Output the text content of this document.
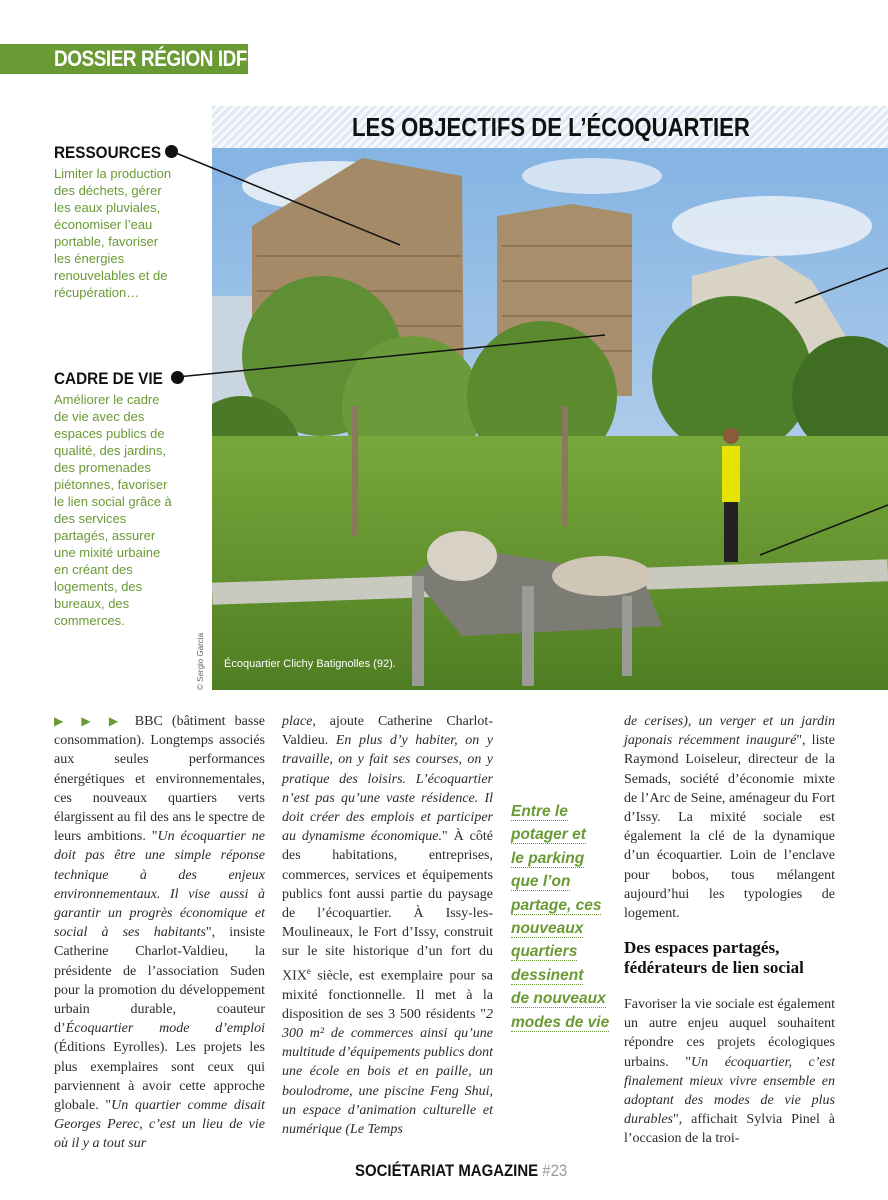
DOSSIER RÉGION IDF
LES OBJECTIFS DE L’ÉCOQUARTIER
Écoquartier Clichy Batignolles (92).
© Sergio Garcia
RESSOURCES
Limiter la production des déchets, gérer les eaux pluviales, économiser l’eau portable, favoriser les énergies renouvelables et de récupération…
CADRE DE VIE
Améliorer le cadre de vie avec des espaces publics de qualité, des jardins, des promenades piétonnes, favoriser le lien social grâce à des services partagés, assurer une mixité urbaine en créant des logements, des bureaux, des commerces.

▶ ▶ ▶ BBC (bâtiment basse consommation). Longtemps associés aux seules performances énergétiques et environnementales, ces nouveaux quartiers verts élargissent au fil des ans le spectre de leurs ambitions. "Un écoquartier ne doit pas être une simple réponse technique à des enjeux environnementaux. Il vise aussi à garantir un progrès économique et social à ses habitants", insiste Catherine Charlot-Valdieu, la présidente de l’association Suden pour la promotion du développement urbain durable, coauteur d’Écoquartier mode d’emploi (Éditions Eyrolles). Les projets les plus exemplaires sont ceux qui parviennent à avoir cette approche globale. "Un quartier comme disait Georges Perec, c’est un lieu de vie où il y a tout sur

place, ajoute Catherine Charlot-Valdieu. En plus d’y habiter, on y travaille, on y fait ses courses, on y pratique des loisirs. L’écoquartier n’est pas qu’une vaste résidence. Il doit créer des emplois et participer au dynamisme économique." À côté des habitations, entreprises, commerces, services et équipements publics font aussi partie du paysage de l’écoquartier. À Issy-les-Moulineaux, le Fort d’Issy, construit sur le site historique d’un fort du XIXe siècle, est exemplaire pour sa mixité fonctionnelle. Il met à la disposition de ses 3 500 résidents "2 300 m² de commerces ainsi qu’une multitude d’équipements publics dont une école en bois et en paille, un boulodrome, une piscine Feng Shui, un espace d’animation culturelle et numérique (Le Temps

Entre le
potager et
le parking
que l’on
partage, ces
nouveaux
quartiers
dessinent
de nouveaux
modes de vie

de cerises), un verger et un jardin japonais récemment inauguré", liste Raymond Loiseleur, directeur de la Semads, société d’économie mixte de l’Arc de Seine, aménageur du Fort d’Issy. La mixité sociale est également la clé de la dynamique d’un écoquartier. Loin de l’enclave pour bobos, tous mélangent aujourd’hui les typologies de logement.

Des espaces partagés, fédérateurs de lien social

Favoriser la vie sociale est également un autre enjeu auquel souhaitent répondre ces projets écologiques urbains. "Un écoquartier, c’est finalement mieux vivre ensemble en adoptant des modes de vie plus durables", affichait Sylvia Pinel à l’occasion de la troi-

SOCIÉTARIAT MAGAZINE #23
